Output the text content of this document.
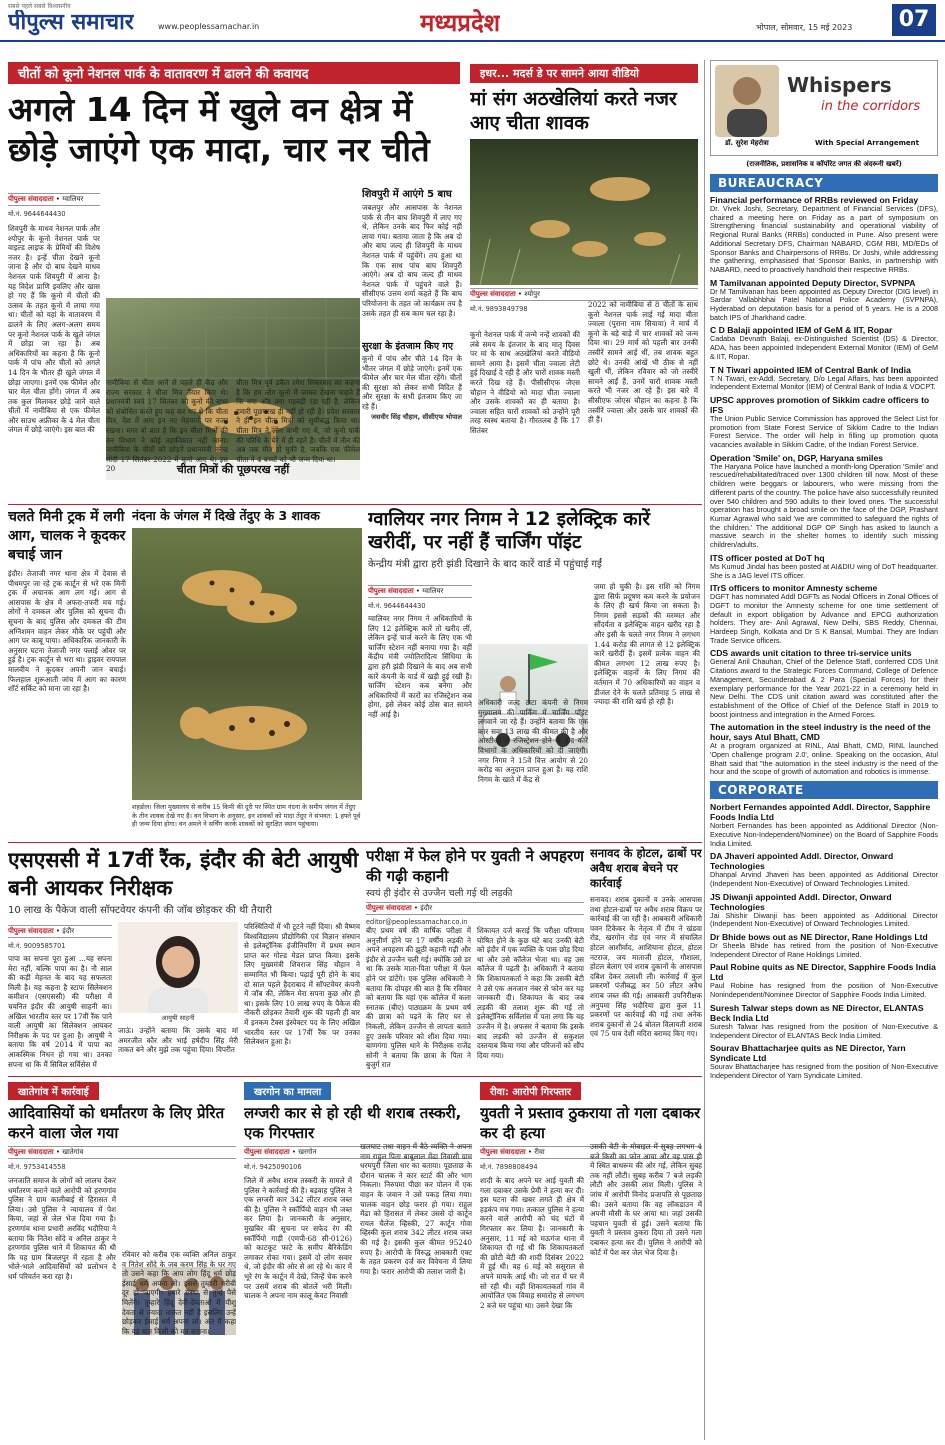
सबसे पहले सबसे विश्वसनीय
पीपुल्स समाचार	www.peoplessamachar.in	मध्यप्रदेश	भोपाल, सोमवार, 15 मई 2023	07
चीतों को कूनो नेशनल पार्क के वातावरण में ढालने की कवायद
अगले 14 दिन में खुले वन क्षेत्र में
छोड़े जाएंगे एक मादा, चार नर चीते
पीपुल्स संवाददाता • ग्वालियर
मो.नं. 9644644430
शिवपुरी के माधव नेशनल पार्क और श्योपुर के कूनो नेशनल पार्क पर वाइल्ड लाइफ के प्रेमियों की विशेष नजर है। इन्हें चीता देखने कूनो जाना है और दो बाघ देखने माधव नेशनल पार्क शिवपुरी में आना है। यह विदेश प्राणि इवलिए और खास हो गए हैं कि कूनो में चीतों की उत्सव के तहत कूनो में लाया गया था। चीतों को यहां के वातावरण में ढालने के लिए अलग-अलग समय पर कूनो नेशनल पार्क के खुले जंगल में छोड़ा जा रहा है। अब अधिकारियों का कहना है कि कूनो पार्क में पांच और चीतों को अगले 14 दिन के भीतर ही खुले जंगल में छोड़ा जाएगा। इनमें एक फीमेल और चार मेल चीता होंगे। जंगल में अब तक कुल मिलाकर छोड़े जाने वाले चीतों में नामीबिया से एक फीमेल और साउथ अफ्रीका के 4 मेल चीता जंगल में छोड़े जाएंगे। इस बात की
चीता मित्रों की पूछपरख नहीं
नामीबिया से चीता आने से पहले ही केंद्र और राज्य सरकार ने चीता मित्र तैयार किए थे। प्रधानमंत्री स्वयं 17 सितंबर को कूनो की सभा को संबोधित करते हुए कह कर गए थे कि चीता मित्र, देश में आए इन नए मेहमानों पर नजर रखना। मगर वो बात है कि इन चीता मित्रों की वन विभाग ने कोई तहकीकात नहीं जाना। नामीबिया के चीतों को छोड़ने प्रधानमंत्री नरेन्द्र मोदी 17 सितंबर 2022 में कूनो आए थे। इस 20
चीता मित्र पूर्व डकैत रमेश सिकरवार का कहना है कि हम लोग कूनो में जाकर देखना चाहते हैं कि क्या और क्या गड़बड़ी रहा रही है, लेकिन हमारी पूछपरख ही नहीं हो रही है। प्रदेश सरकार ने ही इन चीता मित्रों को सूचीबद्ध किया था। चीता मित्र ने लोग कभी गए थे, जो कूनो पार्क की परिधि के घेरे में ही रहते हैं। चीतों में तीन की अब तक मौत हो चुकी है, जबकि एक फीमेल चीता ने 4 बच्चों को भी जन्म दिया था।
शिवपुरी में आएंगे 5 बाघ
जबलपुर और आसपास के नेशनल पार्क से तीन बाघ शिवपुरी में लाए गए थे, लेकिन उनके बाद फिर कोई नहीं लाया गया। बताया जाता है कि अब दो और बाघ जल्द ही शिवपुरी के माधव नेशनल पार्क में पहुंचेंगे। तय हुआ था कि एक साथ पांच बाघ शिवपुरी आएंगे। अब दो बाघ जल्द ही माधव नेशनल पार्क में पहुंचने वाले हैं। सीसीएफ उत्तम शर्मा कहते हैं कि बाघ परियोजना के तहत जो कार्यक्रम तय है उसके तहत ही सब काम चल रहा है।
सुरक्षा के इंतजाम किए गए
कूनो में पांच और चीते 14 दिन के भीतर जंगल में छोड़े जाएंगे। इनमें एक फीमेल और चार मेल चीता रहेंगे। चीतों की सुरक्षा को लेकर सभी विदित हैं और सुरक्षा के सभी इंतजाम किए जा रहे हैं।
जसवीर सिंह चौहान, सीसीएफ भोपाल
इधर... मदर्स डे पर सामने आया वीडियो
मां संग अठखेलियां करते नजर आए चीता शावक
पीपुल्स संवाददाता • श्योपुर
मो.नं. 9893849798
कूनो नेशनल पार्क में जन्मे नन्हें शावकों की लंबे समय के इंतजार के बाद मातृ दिवस पर मां के साथ अठखेलियां करते वीडियो सामने आया है। इसमें चीता ज्वाला लेटी हुई दिखाई दे रही है और चारों शावक मस्ती करते दिख रहे हैं। पीसीसीएफ जेएस चौहान ने वीडियो को मादा चीता ज्वाला और उसके शावकों का ही बताया है। ज्वाला सहित चारों शावकों को उन्होंने पूरी तरह स्वस्थ बताया है। गौरतलब है कि 17 सितंबर
2022 को नामीबिया से 8 चीतों के साथ कूनो नेशनल पार्क लाई गई मादा चीता ज्वाला (पुराना नाम सियाया) ने मार्च में कूनो के बड़े बाड़े में चार शावकों को जन्म दिया था। 29 मार्च को पहली बार उनकी तस्वीरें सामने आई थीं, तब शावक बहुत छोटे थे। उनकी आंखें भी ठीक से नहीं खुली थीं, लेकिन रविवार को जो तस्वीरें सामने आईं हैं, उनमें चारों शावक मस्ती करते भी नजर आ रहे हैं। इस बारे में सीसीएफ जोएस चौहान का कहना है कि तस्वीरें ज्वाला और उसके चार शावकों की ही हैं।
Whispers
in the corridors
डॉ. सुरेश मेहरोत्रा	With Special Arrangement
(राजनीतिक, प्रशासनिक व कॉर्पोरेट जगत की अंदरूनी खबरें)
BUREAUCRACY
Financial performance of RRBs reviewed on Friday
Dr. Vivek Joshi, Secretary, Department of Financial Services (DFS), chaired a meeting here on Friday as a part of symposium on Strengthening financial sustainability and operational viability of Regional Rural Banks (RRBs) conducted in Pune. Also present were Additional Secretary DFS, Chairman NABARD, CGM RBI, MD/EDs of Sponsor Banks and Chairpersons of RRBs. Dr Joshi, while addressing the gathering, emphasised that Sponsor Banks, in partnership with NABARD, need to proactively handhold their respective RRBs.
M Tamilvanan appointed Deputy Director, SVPNPA
Dr M Tamilvanan has been appointed as Deputy Director (DIG level) in Sardar Vallabhbhai Patel National Police Academy (SVPNPA), Hyderabad on deputation basis for a period of 5 years. He is a 2008 batch IPS of Jharkhand cadre.
C D Balaji appointed IEM of GeM & IIT, Ropar
Cadaba Devnath Balaji, ex-Distinguished Scientist (DS) & Director, ADA, has been appointed Independent External Monitor (IEM) of GeM & IIT, Ropar.
T N Tiwari appointed IEM of Central Bank of India
T N Tiwari, ex-Addl. Secretary, D/o Legal Affairs, has been appointed Independent External Monitor (IEM) of Central Bank of India & VOCPT.
UPSC approves promotion of Sikkim cadre officers to IFS
The Union Public Service Commission has approved the Select List for promotion from State Forest Service of Sikkim Cadre to the Indian Forest Service. The order will help in filling up promotion quota vacancies available in Sikkim Cadre, of the Indian Forest Service.
Operation 'Smile' on, DGP, Haryana smiles
The Haryana Police have launched a month-long Operation 'Smile' and rescued/rehabilitated/traced over 1300 children till now. Most of these children were beggars or labourers, who were missing from the different parts of the country. The police have also successfully reunited over 540 children and 590 adults to their loved ones. The successful operation has brought a broad smile on the face of the DGP, Prashant Kumar Agrawal who said 'we are committed to safeguard the rights of the children.' The additional DGP OP Singh has asked to launch a massive search in the shelter homes to identify such missing children/adults.
ITS officer posted at DoT hq
Ms Kumud Jindal has been posted at AI&DIU wing of DoT headquarter. She is a JAG level ITS officer.
ITrS officers to monitor Amnesty scheme
DGFT has nominated Addl DGFTs as Nodal Officers in Zonal Offices of DGFT to monitor the Amnesty scheme for one time settlement of default in export obligation by Advance and EPCG authorization holders. They are- Anil Agrawal, New Delhi, SBS Reddy, Chennai, Hardeep Singh, Kolkata and Dr S K Bansal, Mumbai. They are Indian Trade Service officers.
CDS awards unit citation to three tri-service units
General Anil Chauhan, Chief of the Defence Staff, conferred CDS Unit Citations award to the Strategic Forces Command, College of Defence Management, Secunderabad & 2 Para (Special Forces) for their exemplary performance for the Year 2021-22 in a ceremony held in New Delhi. The CDS unit citation award was constituted after the establishment of the Office of Chief of the Defence Staff in 2019 to boost jointness and integration in the Armed Forces.
The automation in the steel industry is the need of the hour, says Atul Bhatt, CMD
At a program organized at RINL, Atal Bhatt, CMD, RINL launched 'Open challenge program 2.0', online. Speaking on the occasion, Atul Bhatt said that "the automation in the steel industry is the need of the hour and the scope of growth of automation and robotics is immense.
CORPORATE
Norbert Fernandes appointed Addl. Director, Sapphire Foods India Ltd
Norbert Fernandes has been appointed as Additional Director (Non-Executive Non-Independent/Nominee) on the Board of Sapphire Foods India Limited.
DA Jhaveri appointed Addl. Director, Onward Technologies
Dhanpal Arvind Jhaveri has been appointed as Additional Director (Independent Non-Executive) of Onward Technologies Limited.
JS Diwanji appointed Addl. Director, Onward Technologies
Jai Shishir Diwanji has been appointed as Additional Director (Independent Non-Executive) of Onward Technologies Limited.
Dr Bhide bows out as NE Director, Rane Holdings Ltd
Dr Sheela Bhide has retired from the position of Non-Executive Independent Director of Rane Holdings Limited.
Paul Robine quits as NE Director, Sapphire Foods India Ltd
Paul Robine has resigned from the position of Non-Executive Nonindependent/Nominee Director of Sapphire Foods India Limited.
Suresh Talwar steps down as NE Director, ELANTAS Beck India Ltd
Suresh Talwar has resigned from the position of Non-Executive & Independent Director of ELANTAS Beck India Limited.
Sourav Bhattacharjee quits as NE Director, Yarn Syndicate Ltd
Sourav Bhattacharjee has resigned from the position of Non-Executive Independent Director of Yarn Syndicate Limited.
चलते मिनी ट्रक में लगी आग, चालक ने कूदकर बचाई जान
इंदौर। तेजाजी नगर थाना क्षेत्र में देवास से पीथमपुर जा रहे ट्रक कार्टून से भरे एक मिनी ट्रक में अचानक आग लग गई। आग से आसपास के क्षेत्र में अफरा-तफरी मच गई। लोगों ने दमकल और पुलिस को सूचना दी। सूचना के बाद पुलिस और दमकल की टीम अग्निशमन वाहन लेकर मौके पर पहुंची और आग पर काबू पाया। अधिकारिक जानकारी के अनुसार घटना तेजाजी नगर फ्लाई ओवर पर हुई है। ट्रक कार्टून से भरा था। ड्राइवर रायपाल मालवीय ने कूदकर अपनी जान बचाई। फिलहाल शुरूआती जांच में आग का कारण शॉर्ट सर्किट को माना जा रहा है।
नंदना के जंगल में दिखे तेंदुए के 3 शावक
शहडोल। जिला मुख्यालय से करीब 15 किमी की दूरी पर स्थित ग्राम नंदना के समीप जंगल में तेंदुए के तीन शावक देखे गए हैं। वन विभाग के अनुसार, इन शावकों को मादा तेंदुए ने संभवत: 1 हफ्ते पूर्व ही जन्म दिया होगा। वन अमले ने सर्चिंग करके शावकों को सुरक्षित स्थान पहुंचाया।
ग्वालियर नगर निगम ने 12 इलेक्ट्रिक कारें खरीदीं, पर नहीं हैं चार्जिंग पॉइंट
केन्द्रीय मंत्री द्वारा हरी झंडी दिखाने के बाद कारें वार्ड में पहुंचाई गईं
पीपुल्स संवाददाता • ग्वालियर
मो.नं. 9644644430
ग्वालियर नगर निगम ने अधिकारियों के लिए 12 इलेक्ट्रिक कारें तो खरीद लीं, लेकिन इन्हें चार्ज करने के लिए एक भी चार्जिंग स्टेशन नहीं बनाया गया है। वहीं केंद्रीय मंत्री ज्योतिरादित्य सिंधिया के द्वारा हरी झंडी दिखाने के बाद अब सभी कारें कंपनी के यार्ड में खड़ी हुई रखी हैं। चार्जिंग स्टेशन कब बनेगा और अधिकारियों में कारों का रजिस्ट्रेशन कब होगा, इसे लेकर कोई ठोस बात सामने नहीं आई है।
अधिकारी जल्द टाटा कंपनी से निगम मुख्यालय की पार्किंग में चार्जिंग पॉइंट लगवाने जा रहे हैं। उन्होंने बताया कि एक कार सवा 13 लाख की कीमत की है और आरटीओ से रजिस्ट्रेशन होने के बाद कारें विभागों के अधिकारियों को दी जाएंगी। नगर निगम ने 15वें वित्त आयोग से 20 करोड़ का अनुदान प्राप्त हुआ है। यह राशि निगम के खाते में केंद्र से
जमा हो चुकी है। इस राशि को निगम द्वारा सिर्फ प्रदूषण कम करने के प्रयोजन के लिए ही खर्च किया जा सकता है। निगम इससे सड़कों की मरम्मत और सौंदर्यता व इलेक्ट्रिक वाहन खरीद रहा है और इसी के चलते नगर निगम ने लगभग 1.44 करोड़ की लागत से 12 इलेक्ट्रिक कारें खरीदीं हैं। इसमें प्रत्येक वाहन की कीमत लगभग 12 लाख रुपए है। इलेक्ट्रिक वाहनों के लिए निगम की वर्तमान में 70 अधिकारियों का वाहन व डीजल देने के चलते प्रतिमाह 5 लाख से ज्यादा की राशि खर्च हो रही है।
एसएससी में 17वीं रैंक, इंदौर की बेटी आयुषी बनी आयकर निरीक्षक
10 लाख के पैकेज वाली सॉफ्टवेयर कंपनी की जॉब छोड़कर की थी तैयारी
पीपुल्स संवाददाता • इंदौर
मो.नं. 9009585701
पापा का सपना पूरा हुआ ...यह सपना मेरा नहीं, बल्कि पापा का है। नौ साल की कड़ी मेहनत के बाद यह सफलता मिली है। यह कहना है स्टाफ सिलेक्शन कमीशन (एसएससी) की परीक्षा में चयनित इंदौर की आयुषी साहनी का। अखिल भारतीय स्तर पर 17वीं रैंक पाने वाली आयुषी का सिलेक्शन आयकर निरीक्षक के पद पर हुआ है। आयुषी ने बताया कि वर्ष 2014 में पापा का आकस्मिक निधन हो गया था। उनका सपना था कि मैं सिविल सर्विसेस में
आयुषी साहनी
जाऊं। उन्होंने बताया कि उसके बाद मां अमरजीत कौर और भाई हर्षदीप सिंह मेरी ताकत बने और मुझे तक पहुंचा दिया। विपरीत
परिस्थितियों में भी टूटने नहीं दिया। श्री वैष्णव विश्वविद्यालय प्रौद्योगिकी एवं विज्ञान संस्थान से इलेक्ट्रॉनिक इंजीनियरिंग में प्रथम स्थान प्राप्त कर गोल्ड मेडल प्राप्त किया। इसके लिए मुख्यमंत्री शिवराज सिंह चौहान ने सम्मानित भी किया। पढ़ाई पूरी होने के बाद दो साल पहले हैदराबाद में सॉफ्टवेयर कंपनी में जॉब की, लेकिन मेरा सपना कुछ और ही था। इसके लिए 10 लाख रुपए के पैकेज की नौकरी छोड़कर तैयारी शुरू की पहली ही बार में इनकम टैक्स इंस्पेक्टर पद के लिए अखिल भारतीय स्तर पर 17वीं रैंक पर उनका सिलेक्शन हुआ है।
परीक्षा में फेल होने पर युवती ने अपहरण की गढ़ी कहानी
स्वयं ही इंदौर से उज्जैन चली गई थी लड़की
पीपुल्स संवाददाता • इंदौर
editor@peoplessamachar.co.in
बीए प्रथम वर्ष की वार्षिक परीक्षा में अनुत्तीर्ण होने पर 17 वर्षीय लड़की ने अपने अपहरण की झूठी कहानी गढ़ी और इंदौर से उज्जैन चली गई। क्योंकि उसे डर था कि उसके माता-पिता परीक्षा में फेल होने पर डांटेंगे। एक पुलिस अधिकारी ने बताया कि दोपहर की बात है कि रविवार को बताया कि यहां एक कॉलेज में कला स्नातक (बीए) पाठ्यक्रम के प्रथम वर्ष की छात्रा को पढ़ने के लिए घर से निकली, लेकिन उज्जैन से लापता बताते हुए उसके परिवार को शीश दिया गया। बाणगंगा पुलिस थाने के निरीक्षक राजेंद्र सोनी ने बताया कि छात्रा के पिता ने बुजुर्ग रात
शिकायत दर्ज कराई कि परीक्षा परिणाम घोषित होने के कुछ घंटे बाद उनकी बेटी को इंदौर में एक व्यक्ति के पास छोड़ दिया था और उसे कॉलेज भेजा था। वह उस कॉलेज में पढ़ती है। अधिकारी ने बताया कि शिकायतकर्ता ने कहा कि उसकी बेटी ने उसे एक अनजान नंबर से फोन कर यह जानकारी दी। शिकायत के बाद जब लड़की की तलाश शुरू की गई तो इलेक्ट्रॉनिक सर्विलांस में पता लगा कि वह उज्जैन में है। अफसर ने बताया कि इसके बाद लड़की को उज्जैन से सकुशल दस्तयाब किया गया और परिजनों को सौंप दिया गया।
सनावद के होटल, ढाबों पर अवैध शराब बेचने पर कार्रवाई
सनावद। शराब दुकानों व उनके आसपास तथा होटल-ढाबों पर अवैध शराब विक्रय पर कार्रवाई की जा रही है। आबकारी अधिकारी पवन टिकेकर के नेतृत्व में टीम ने खंडवा रोड, खरगोन रोड एवं नगर में संचालित होटल आशीर्वाद, आशियाना होटल, होटल नटराज, जय माताजी होटल, गौशाला, होटल बेलाग एवं शराब दुकानों के आसपास दबिश देकर तलाशी ली। कार्रवाई में कुल प्रकरणों पंजीबद्ध कर 50 लीटर अवैध शराब जब्त की गई। आबकारी उपनिरीक्षक अनुपमा सिंह भदौरिया द्वारा कुल 11 प्रकरणों पर कार्रवाई की गई तथा अनेक शराब दुकानों से 24 बोतल विलायती शराब एवं 75 पाव देशी मदिरा बरामद किए गए।
खातेगांव में कार्रवाई
आदिवासियों को धर्मांतरण के लिए प्रेरित करने वाला जेल गया
पीपुल्स संवाददाता • खातेगांव
मो.नं. 9753414558
जनजाति समाज के लोगों को लालच देकर धर्मांतरण कराने वाले आरोपी को हरणगांव पुलिस ने ग्राम कालीबाई से हिरासत में लिया। उसे पुलिस ने न्यायालय में पेश किया, जहां से जेल भेज दिया गया है। हरणगांव थाना प्रभारी अरविंद भदौरिया ने बताया कि नितेश सोंदे व अनिल ठाकुर ने हरणगांव पुलिस थाने में शिकायत की थी कि यह ग्राम बिजलपुर में रहता है और भोले-भाले आदिवासियों को प्रलोभन दे धर्म परिवर्तन करा रहा है।
रविवार को करीब एक व्यक्ति अनिल ठाकुर व नितेश सोंदे के जब करण सिंह के घर गए तो उसने कहा कि आप लोग हिंदू धर्म छोड़ ईसाई धर्म अपना लो। इससे तुम्हारी गरीबी दूर हो जाएगी। हमारे संस्था से तुम्हें पैसे मिलेंगे। तुम्हारे हिंदू देवी-देवताओं में यीशु देवता से ज्यादा ताकत नहीं है इसलिए उन्हें छोड़कर ईसाई धर्म अपना लो। अंत में कहा कि यह बात किसी को मत बताना।
खरगोन का मामला
लग्जरी कार से हो रही थी शराब तस्करी, एक गिरफ्तार
पीपुल्स संवाददाता • खरगोन
मो.नं. 9425090106
जिले में अवैध शराब तस्करी के मामले में पुलिस ने कार्रवाई की है। बड़वाह पुलिस ने एक लग्जरी कार 342 लीटर शराब जब्त की है। पुलिस ने स्कॉर्पियो वाहन भी जब्त कर लिया है। जानकारी के अनुसार, मुखबिर की सूचना पर सफेद रंग की स्कॉर्पियो गाड़ी (एमपी-68 सी-0126) को काटकूट फाटे के समीप बैरिकेडिंग लगाकर रोका गया। इसमें दो लोग सवार थे, जो इंदौर की ओर से आ रहे थे। कार में भूरे रंग के कार्टून में देखे, जिन्हें चेक करने पर उसमें शराब की बोतलें भरी मिलीं। चालक ने अपना नाम कालू केवट निवासी
खलघाट तथा वाहन में बैठे व्यक्ति ने अपना नाम राहुल पिता बाबूलाल मेंढा निवासी ग्राम धरमपुरी जिला धार का बताया। पूछताछ के दौरान चालक ने कार स्टार्ट की और भाग निकला। निरुपमा पीछा कर पोलन में एक वाहन के जवान ने उसे पकड़ लिया गया। चालक वाहन छोड़ फरार हो गया। राहुल मेंढा को हिरासत में लेकर उससे दो कार्टून रायल चैलेंज व्हिस्की, 27 कार्टून गोवा व्हिस्की कुल शराब 342 लीटर शराब जब्त की गई है। इसकी कुल कीमत 95240 रुपए है। आरोपी के विरुद्ध आबकारी एक्ट के तहत प्रकरण दर्ज कर विवेचना में लिया गया है। फरार आरोपी की तलाश जारी है।
रीवा: आरोपी गिरफ्तार
युवती ने प्रस्ताव ठुकराया तो गला दबाकर कर दी हत्या
पीपुल्स संवाददाता • रीवा
मो.नं. 7898808494
शादी के बाद अपने घर आई युवती की गला दबाकर उसके प्रेमी ने हत्या कर दी। इस घटना की खबर लगते ही क्षेत्र में हड़कंप मच गया। तत्काल पुलिस ने हत्या करने वाले आरोपी को चंद घंटों में गिरफ्तार कर लिया है। जानकारी के अनुसार, 11 मई को मऊगंज थाना में शिकायत दी गई थी कि शिकायतकर्ता की छोटी बेटी की शादी दिसंबर 2022 में हुई थी। वह 6 मई को ससुराल से अपने मायके आई थी। जो रात में घर में सो रही थी। वहीं शिकायतकर्ता गांव में आयोजित एक विवाह समारोह से लगभग 2 बजे घर पहुंचा था। उसने देखा कि
उसकी बेटी के मोबाइल में सुबह लगभग 4 बजे किसी का फोन आया और वह पास ही में स्थित बाथरूम की ओर गई, लेकिन सुबह तक नहीं लौटी। सुबह करीब 7 बजे लड़की लौटी और उसकी लाश मिली। पुलिस ने जांच में आरोपी विनोद प्रजापति से पूछताछ की। उसने बताया कि वह लॉकडाउन में अपनी मौसी के घर आया था। जहां उसकी पहचान युवती से हुई। उसने बताया कि युवती ने प्रस्ताव ठुकरा दिया तो उसने गला दबाकर हत्या कर दी। पुलिस ने आरोपी को कोर्ट में पेश कर जेल भेज दिया है।
